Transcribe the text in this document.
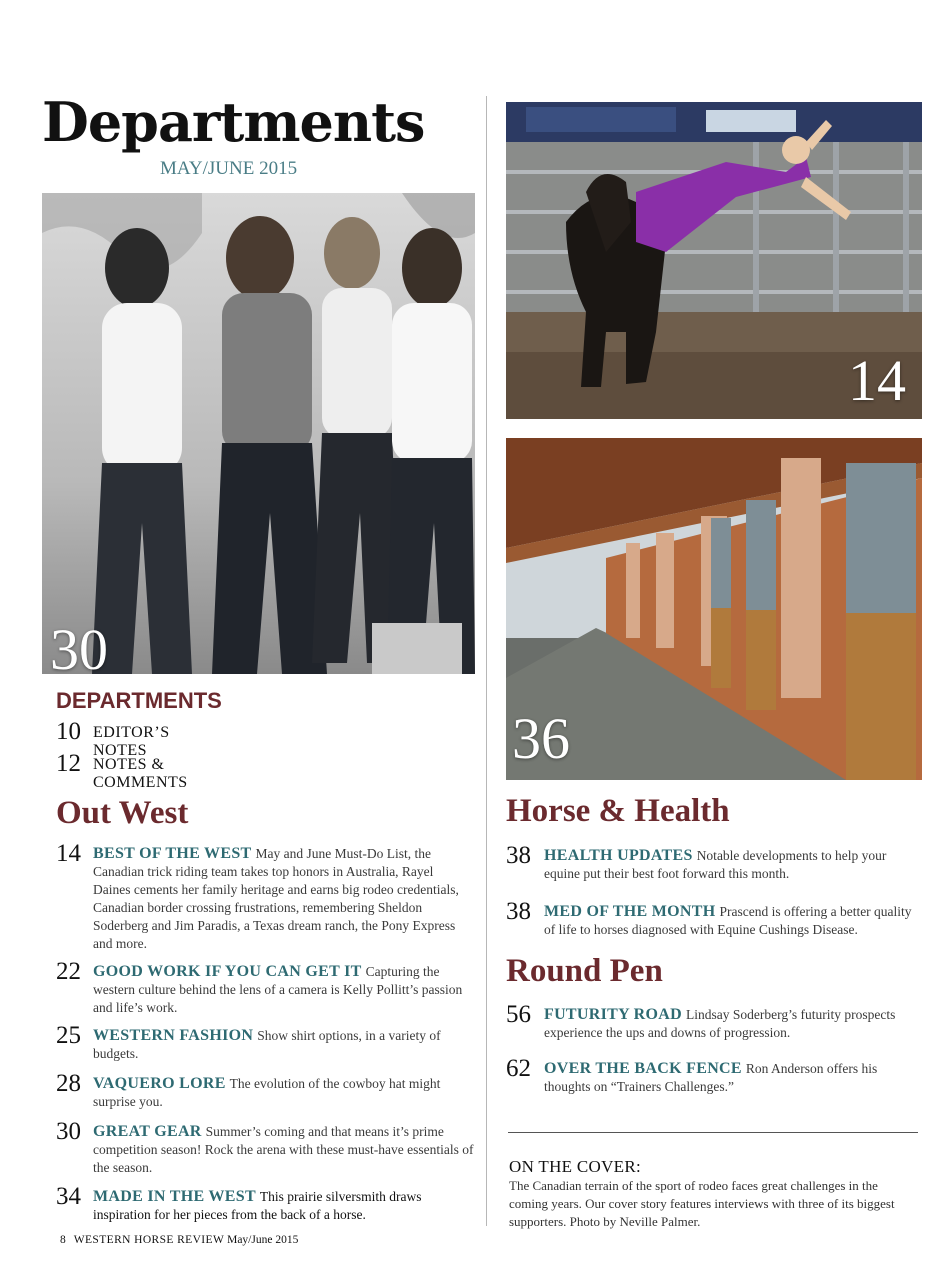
Departments
MAY/JUNE 2015
30
14
36
DEPARTMENTS
10 EDITOR’S NOTES
12 NOTES & COMMENTS
Out West
14 BEST OF THE WEST May and June Must-Do List, the Canadian trick riding team takes top honors in Australia, Rayel Daines cements her family heritage and earns big rodeo credentials, Canadian border crossing frustrations, remembering Sheldon Soderberg and Jim Paradis, a Texas dream ranch, the Pony Express and more.
22 GOOD WORK IF YOU CAN GET IT Capturing the western culture behind the lens of a camera is Kelly Pollitt’s passion and life’s work.
25 WESTERN FASHION Show shirt options, in a variety of budgets.
28 VAQUERO LORE The evolution of the cowboy hat might surprise you.
30 GREAT GEAR Summer’s coming and that means it’s prime competition season! Rock the arena with these must-have essentials of the season.
34 MADE IN THE WEST This prairie silversmith draws inspiration for her pieces from the back of a horse.
Horse & Health
38 HEALTH UPDATES Notable developments to help your equine put their best foot forward this month.
38 MED OF THE MONTH Prascend is offering a better quality of life to horses diagnosed with Equine Cushings Disease.
Round Pen
56 FUTURITY ROAD Lindsay Soderberg’s futurity prospects experience the ups and downs of progression.
62 OVER THE BACK FENCE Ron Anderson offers his thoughts on “Trainers Challenges.”
ON THE COVER:
The Canadian terrain of the sport of rodeo faces great challenges in the coming years. Our cover story features interviews with three of its biggest supporters. Photo by Neville Palmer.
8 WESTERN HORSE REVIEW May/June 2015
